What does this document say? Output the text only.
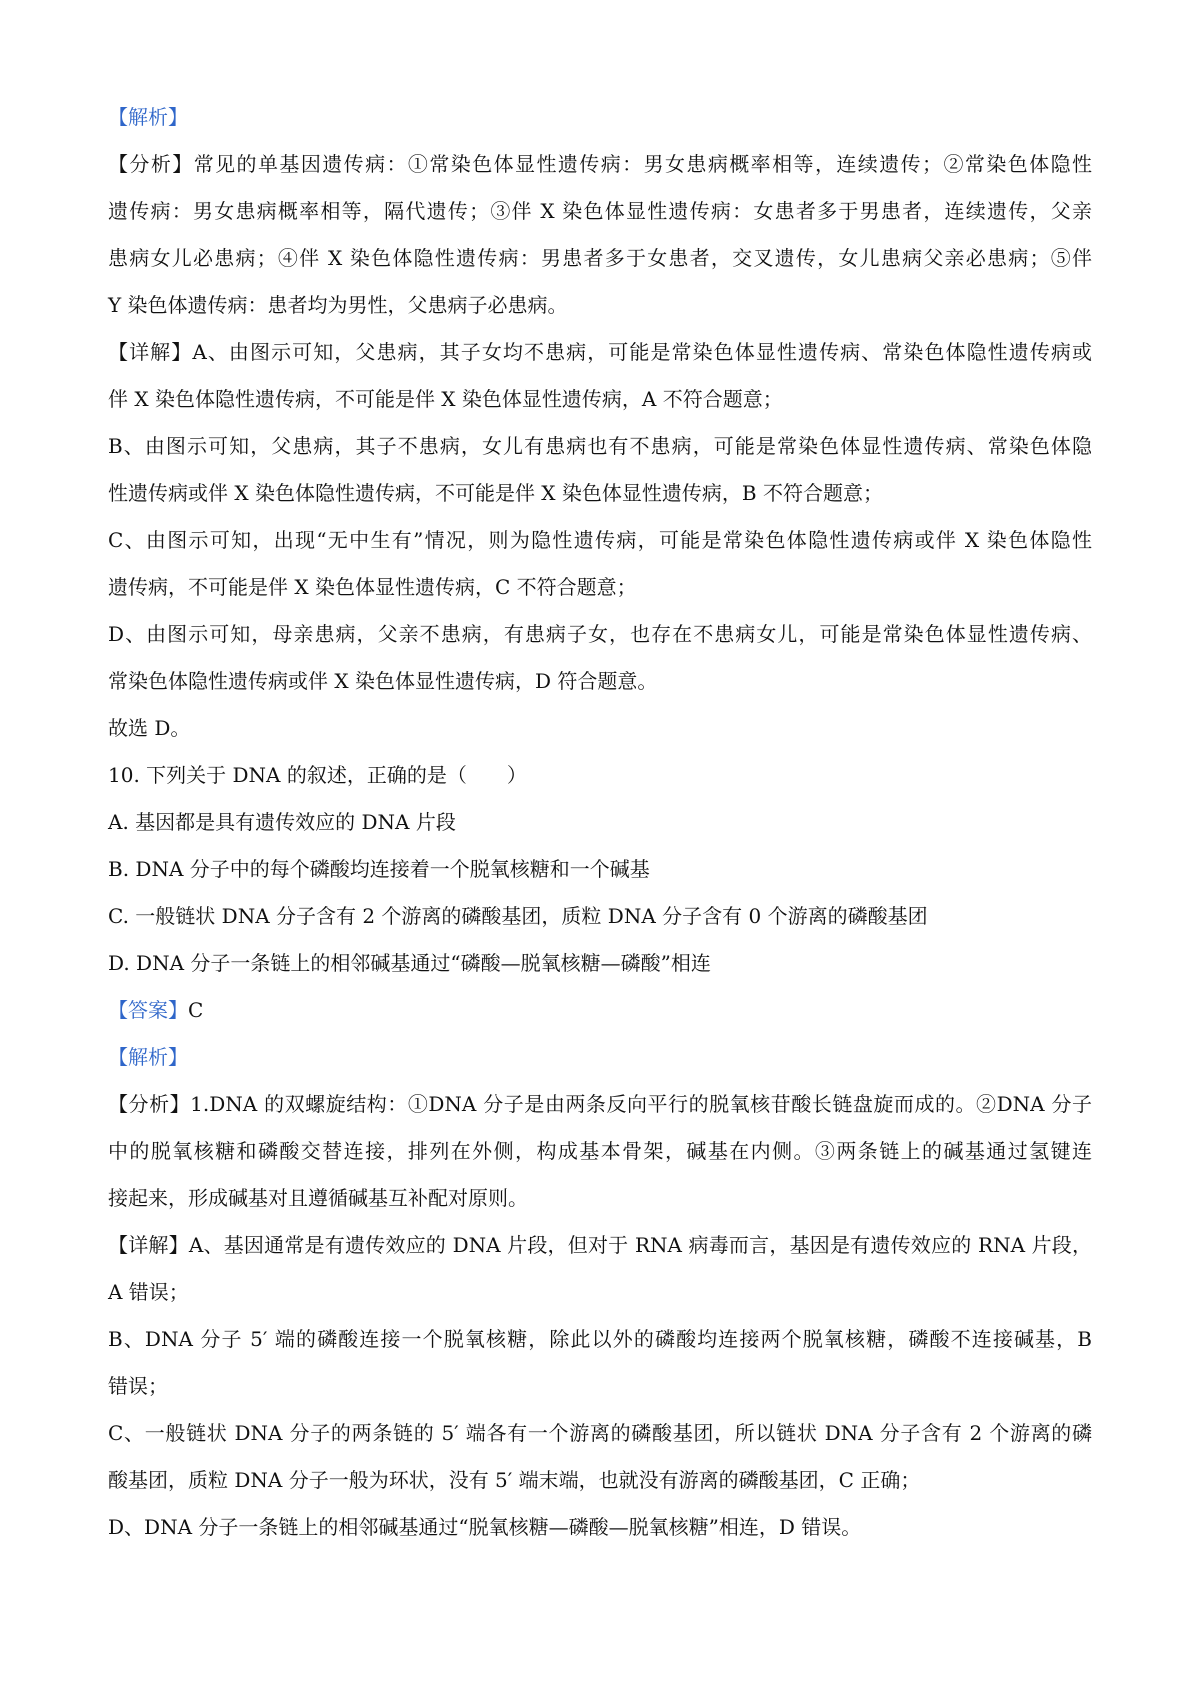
【解析】

【分析】常见的单基因遗传病：①常染色体显性遗传病：男女患病概率相等，连续遗传；②常染色体隐性
遗传病：男女患病概率相等，隔代遗传；③伴 X 染色体显性遗传病：女患者多于男患者，连续遗传，父亲
患病女儿必患病；④伴 X 染色体隐性遗传病：男患者多于女患者，交叉遗传，女儿患病父亲必患病；⑤伴
Y 染色体遗传病：患者均为男性，父患病子必患病。

【详解】A、由图示可知，父患病，其子女均不患病，可能是常染色体显性遗传病、常染色体隐性遗传病或
伴 X 染色体隐性遗传病，不可能是伴 X 染色体显性遗传病，A 不符合题意；
B、由图示可知，父患病，其子不患病，女儿有患病也有不患病，可能是常染色体显性遗传病、常染色体隐
性遗传病或伴 X 染色体隐性遗传病，不可能是伴 X 染色体显性遗传病，B 不符合题意；
C、由图示可知，出现“无中生有”情况，则为隐性遗传病，可能是常染色体隐性遗传病或伴 X 染色体隐性
遗传病，不可能是伴 X 染色体显性遗传病，C 不符合题意；
D、由图示可知，母亲患病，父亲不患病，有患病子女，也存在不患病女儿，可能是常染色体显性遗传病、
常染色体隐性遗传病或伴 X 染色体显性遗传病，D 符合题意。
故选 D。

10. 下列关于 DNA 的叙述，正确的是（　　）
A. 基因都是具有遗传效应的 DNA 片段
B. DNA 分子中的每个磷酸均连接着一个脱氧核糖和一个碱基
C. 一般链状 DNA 分子含有 2 个游离的磷酸基团，质粒 DNA 分子含有 0 个游离的磷酸基团
D. DNA 分子一条链上的相邻碱基通过“磷酸—脱氧核糖—磷酸”相连
【答案】C
【解析】

【分析】1.DNA 的双螺旋结构：①DNA 分子是由两条反向平行的脱氧核苷酸长链盘旋而成的。②DNA 分子
中的脱氧核糖和磷酸交替连接，排列在外侧，构成基本骨架，碱基在内侧。③两条链上的碱基通过氢键连
接起来，形成碱基对且遵循碱基互补配对原则。

【详解】A、基因通常是有遗传效应的 DNA 片段，但对于 RNA 病毒而言，基因是有遗传效应的 RNA 片段，
A 错误；
B、DNA 分子 5′ 端的磷酸连接一个脱氧核糖，除此以外的磷酸均连接两个脱氧核糖，磷酸不连接碱基，B
错误；
C、一般链状 DNA 分子的两条链的 5′ 端各有一个游离的磷酸基团，所以链状 DNA 分子含有 2 个游离的磷
酸基团，质粒 DNA 分子一般为环状，没有 5′ 端末端，也就没有游离的磷酸基团，C 正确；
D、DNA 分子一条链上的相邻碱基通过“脱氧核糖—磷酸—脱氧核糖”相连，D 错误。
